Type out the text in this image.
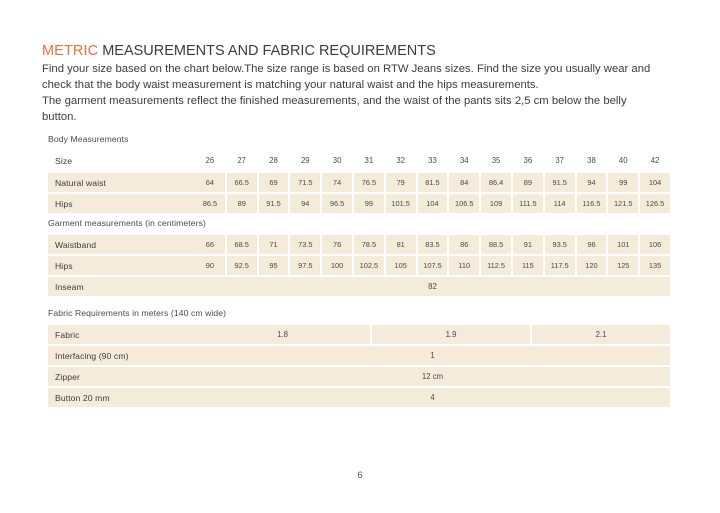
METRIC MEASUREMENTS AND FABRIC REQUIREMENTS

Find your size based on the chart below.The size range is based on RTW Jeans sizes. Find the size you usually wear and

check that the body waist measurement is matching your natural waist and the hips measurements.

The garment measurements reflect the finished measurements, and the waist of the pants sits 2,5 cm below the belly

button.

Body Measurements
Size	26	27	28	29	30	31	32	33	34	35	36	37	38	40	42
Natural waist	64	66.5	69	71.5	74	76.5	79	81.5	84	86.4	89	91.5	94	99	104
Hips	86.5	89	91.5	94	96.5	99	101.5	104	106.5	109	111.5	114	116.5	121.5	126.5
Garment measurements (in centimeters)
Waistband	66	68.5	71	73.5	76	78.5	81	83.5	86	88.5	91	93.5	96	101	106
Hips	90	92.5	95	97.5	100	102.5	105	107.5	110	112.5	115	117.5	120	125	135
Inseam	82
Fabric Requirements in meters (140 cm wide)
Fabric	1.8	1.9	2.1
Interfacing (90 cm)	1
Zipper	12 cm
Button 20 mm	4
6
